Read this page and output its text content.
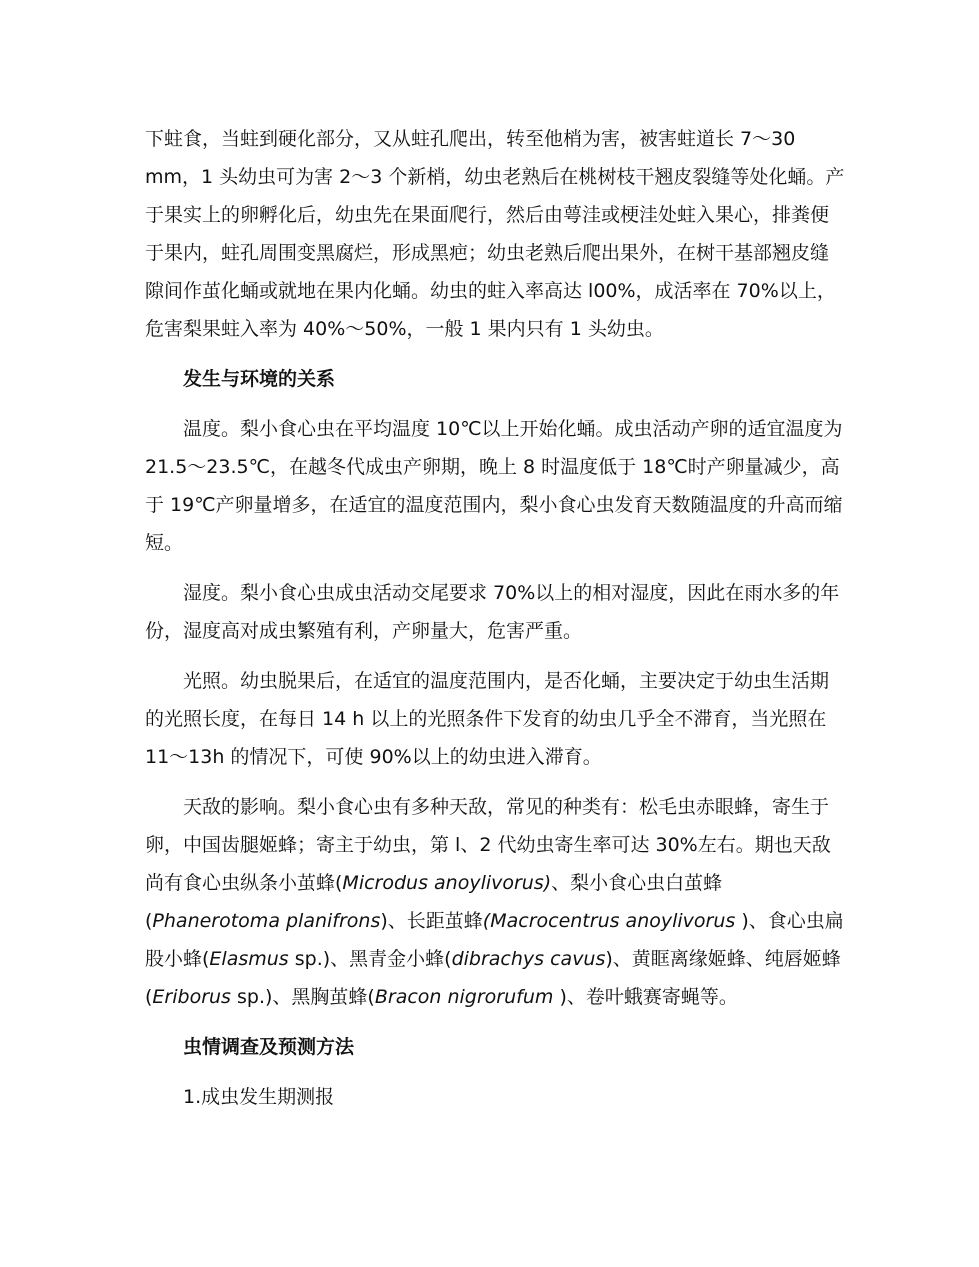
下蛀食，当蛀到硬化部分，又从蛀孔爬出，转至他梢为害，被害蛀道长 7～30 mm，1 头幼虫可为害 2～3 个新梢，幼虫老熟后在桃树枝干翘皮裂缝等处化蛹。产于果实上的卵孵化后，幼虫先在果面爬行，然后由萼洼或梗洼处蛀入果心，排粪便于果内，蛀孔周围变黑腐烂，形成黑疤；幼虫老熟后爬出果外，在树干基部翘皮缝隙间作茧化蛹或就地在果内化蛹。幼虫的蛀入率高达 l00%，成活率在 70%以上，危害梨果蛀入率为 40%～50%，一般 1 果内只有 1 头幼虫。

发生与环境的关系

温度。梨小食心虫在平均温度 10℃以上开始化蛹。成虫活动产卵的适宜温度为 21.5～23.5℃，在越冬代成虫产卵期，晚上 8 时温度低于 18℃时产卵量减少，高于 19℃产卵量增多，在适宜的温度范围内，梨小食心虫发育天数随温度的升高而缩短。

湿度。梨小食心虫成虫活动交尾要求 70%以上的相对湿度，因此在雨水多的年份，湿度高对成虫繁殖有利，产卵量大，危害严重。

光照。幼虫脱果后，在适宜的温度范围内，是否化蛹，主要决定于幼虫生活期的光照长度，在每日 14 h 以上的光照条件下发育的幼虫几乎全不滞育，当光照在 11～13h 的情况下，可使 90%以上的幼虫进入滞育。

天敌的影响。梨小食心虫有多种天敌，常见的种类有：松毛虫赤眼蜂，寄生于卵，中国齿腿姬蜂；寄主于幼虫，第 l、2 代幼虫寄生率可达 30%左右。期也天敌尚有食心虫纵条小茧蜂(Microdus anoylivorus)、梨小食心虫白茧蜂(Phanerotoma planifrons)、长距茧蜂(Macrocentrus anoylivorus )、食心虫扁股小蜂(Elasmus sp.)、黑青金小蜂(dibrachys cavus)、黄眶离缘姬蜂、纯唇姬蜂(Eriborus sp.)、黑胸茧蜂(Bracon nigrorufum )、卷叶蛾赛寄蝇等。

虫情调查及预测方法

1.成虫发生期测报
